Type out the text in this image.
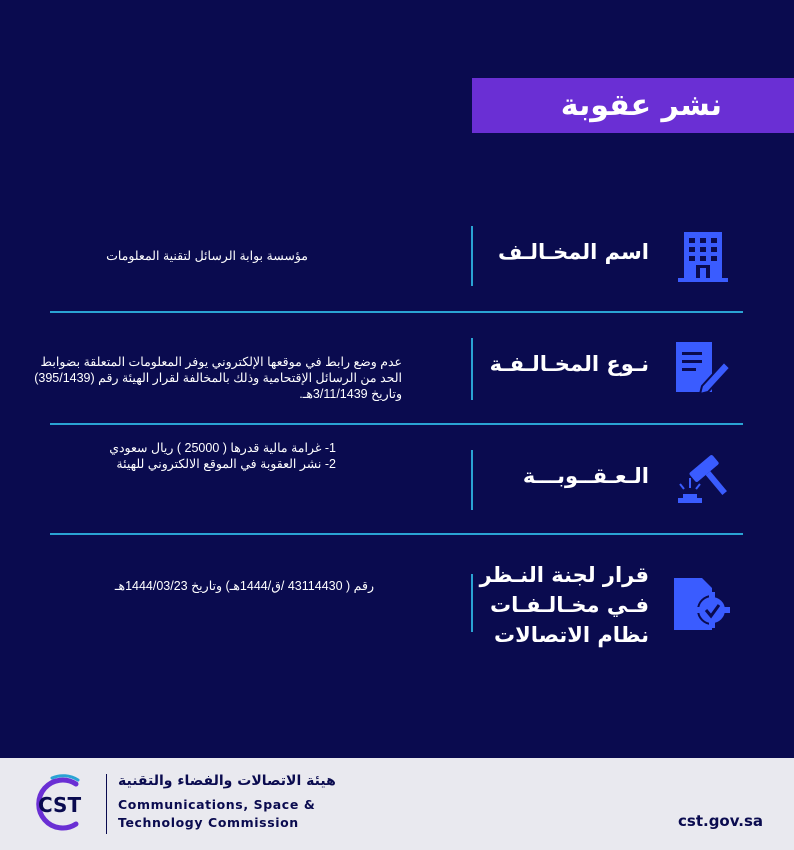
نشر عقوبة
اسم المخـالـف
مؤسسة بوابة الرسائل لتقنية المعلومات
نـوع المخـالـفـة
عدم وضع رابط في موقعها الإلكتروني يوفر المعلومات المتعلقة بضوابط
الحد من الرسائل الإقتحامية وذلك بالمخالفة لقرار الهيئة رقم (395/1439)
وتاريخ 3/11/1439هـ.
الـعـقــوبـــة
1- غرامة مالية قدرها ( 25000 ) ريال سعودي
2- نشر العقوبة في الموقع الالكتروني للهيئة
قرار لجنة النـظر
فـي مخـالـفـات
نظام الاتصالات
رقم ( 43114430 /ق/1444هـ) وتاريخ 1444/03/23هـ
CST
هيئة الاتصالات والفضاء والتقنية
Communications, Space &
Technology Commission	cst.gov.sa
